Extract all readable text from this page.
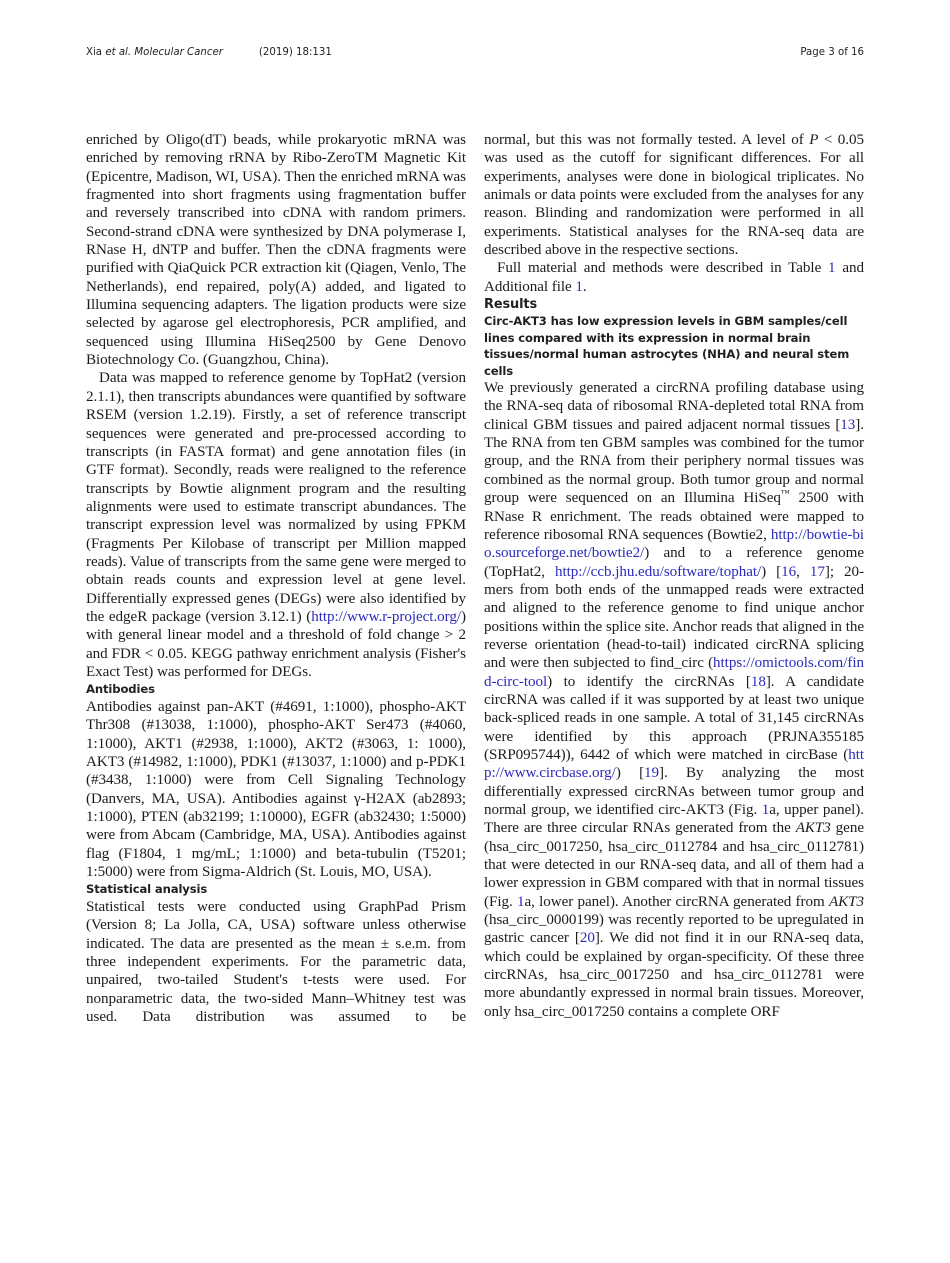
Xia et al. Molecular Cancer	(2019) 18:131	Page 3 of 16

enriched by Oligo(dT) beads, while prokaryotic mRNA was enriched by removing rRNA by Ribo-ZeroTM Magnetic Kit (Epicentre, Madison, WI, USA). Then the enriched mRNA was fragmented into short fragments using fragmentation buffer and reversely transcribed into cDNA with random primers. Second-strand cDNA were synthesized by DNA polymerase I, RNase H, dNTP and buffer. Then the cDNA fragments were purified with QiaQuick PCR extraction kit (Qiagen, Venlo, The Netherlands), end repaired, poly(A) added, and ligated to Illumina sequencing adapters. The ligation products were size selected by agarose gel electrophoresis, PCR amplified, and sequenced using Illumina HiSeq2500 by Gene Denovo Biotechnology Co. (Guangzhou, China).

Data was mapped to reference genome by TopHat2 (version 2.1.1), then transcripts abundances were quantified by software RSEM (version 1.2.19). Firstly, a set of reference transcript sequences were generated and pre-processed according to transcripts (in FASTA format) and gene annotation files (in GTF format). Secondly, reads were realigned to the reference transcripts by Bowtie alignment program and the resulting alignments were used to estimate transcript abundances. The transcript expression level was normalized by using FPKM (Fragments Per Kilobase of transcript per Million mapped reads). Value of transcripts from the same gene were merged to obtain reads counts and expression level at gene level. Differentially expressed genes (DEGs) were also identified by the edgeR package (version 3.12.1) (http://www.r-project.org/) with general linear model and a threshold of fold change > 2 and FDR < 0.05. KEGG pathway enrichment analysis (Fisher's Exact Test) was performed for DEGs.

Antibodies

Antibodies against pan-AKT (#4691, 1:1000), phospho-AKT Thr308 (#13038, 1:1000), phospho-AKT Ser473 (#4060, 1:1000), AKT1 (#2938, 1:1000), AKT2 (#3063, 1: 1000), AKT3 (#14982, 1:1000), PDK1 (#13037, 1:1000) and p-PDK1 (#3438, 1:1000) were from Cell Signaling Technology (Danvers, MA, USA). Antibodies against γ-H2AX (ab2893; 1:1000), PTEN (ab32199; 1:10000), EGFR (ab32430; 1:5000) were from Abcam (Cambridge, MA, USA). Antibodies against flag (F1804, 1 mg/mL; 1:1000) and beta-tubulin (T5201; 1:5000) were from Sigma-Aldrich (St. Louis, MO, USA).

Statistical analysis

Statistical tests were conducted using GraphPad Prism (Version 8; La Jolla, CA, USA) software unless otherwise indicated. The data are presented as the mean ± s.e.m. from three independent experiments. For the parametric data, unpaired, two-tailed Student's t-tests were used. For nonparametric data, the two-sided Mann–Whitney test was used. Data distribution was assumed to be

normal, but this was not formally tested. A level of P < 0.05 was used as the cutoff for significant differences. For all experiments, analyses were done in biological triplicates. No animals or data points were excluded from the analyses for any reason. Blinding and randomization were performed in all experiments. Statistical analyses for the RNA-seq data are described above in the respective sections.

Full material and methods were described in Table 1 and Additional file 1.

Results
Circ-AKT3 has low expression levels in GBM samples/cell lines compared with its expression in normal brain tissues/normal human astrocytes (NHA) and neural stem cells

We previously generated a circRNA profiling database using the RNA-seq data of ribosomal RNA-depleted total RNA from clinical GBM tissues and paired adjacent normal tissues [13]. The RNA from ten GBM samples was combined for the tumor group, and the RNA from their periphery normal tissues was combined as the normal group. Both tumor group and normal group were sequenced on an Illumina HiSeq™ 2500 with RNase R enrichment. The reads obtained were mapped to reference ribosomal RNA sequences (Bowtie2, http://bowtie-bio.sourceforge.net/bowtie2/) and to a reference genome (TopHat2, http://ccb.jhu.edu/software/tophat/) [16, 17]; 20-mers from both ends of the unmapped reads were extracted and aligned to the reference genome to find unique anchor positions within the splice site. Anchor reads that aligned in the reverse orientation (head-to-tail) indicated circRNA splicing and were then subjected to find_circ (https://omictools.com/find-circ-tool) to identify the circRNAs [18]. A candidate circRNA was called if it was supported by at least two unique back-spliced reads in one sample. A total of 31,145 circRNAs were identified by this approach (PRJNA355185 (SRP095744)), 6442 of which were matched in circBase (http://www.circbase.org/) [19]. By analyzing the most differentially expressed circRNAs between tumor group and normal group, we identified circ-AKT3 (Fig. 1a, upper panel). There are three circular RNAs generated from the AKT3 gene (hsa_circ_0017250, hsa_circ_0112784 and hsa_circ_0112781) that were detected in our RNA-seq data, and all of them had a lower expression in GBM compared with that in normal tissues (Fig. 1a, lower panel). Another circRNA generated from AKT3 (hsa_circ_0000199) was recently reported to be upregulated in gastric cancer [20]. We did not find it in our RNA-seq data, which could be explained by organ-specificity. Of these three circRNAs, hsa_circ_0017250 and hsa_circ_0112781 were more abundantly expressed in normal brain tissues. Moreover, only hsa_circ_0017250 contains a complete ORF
